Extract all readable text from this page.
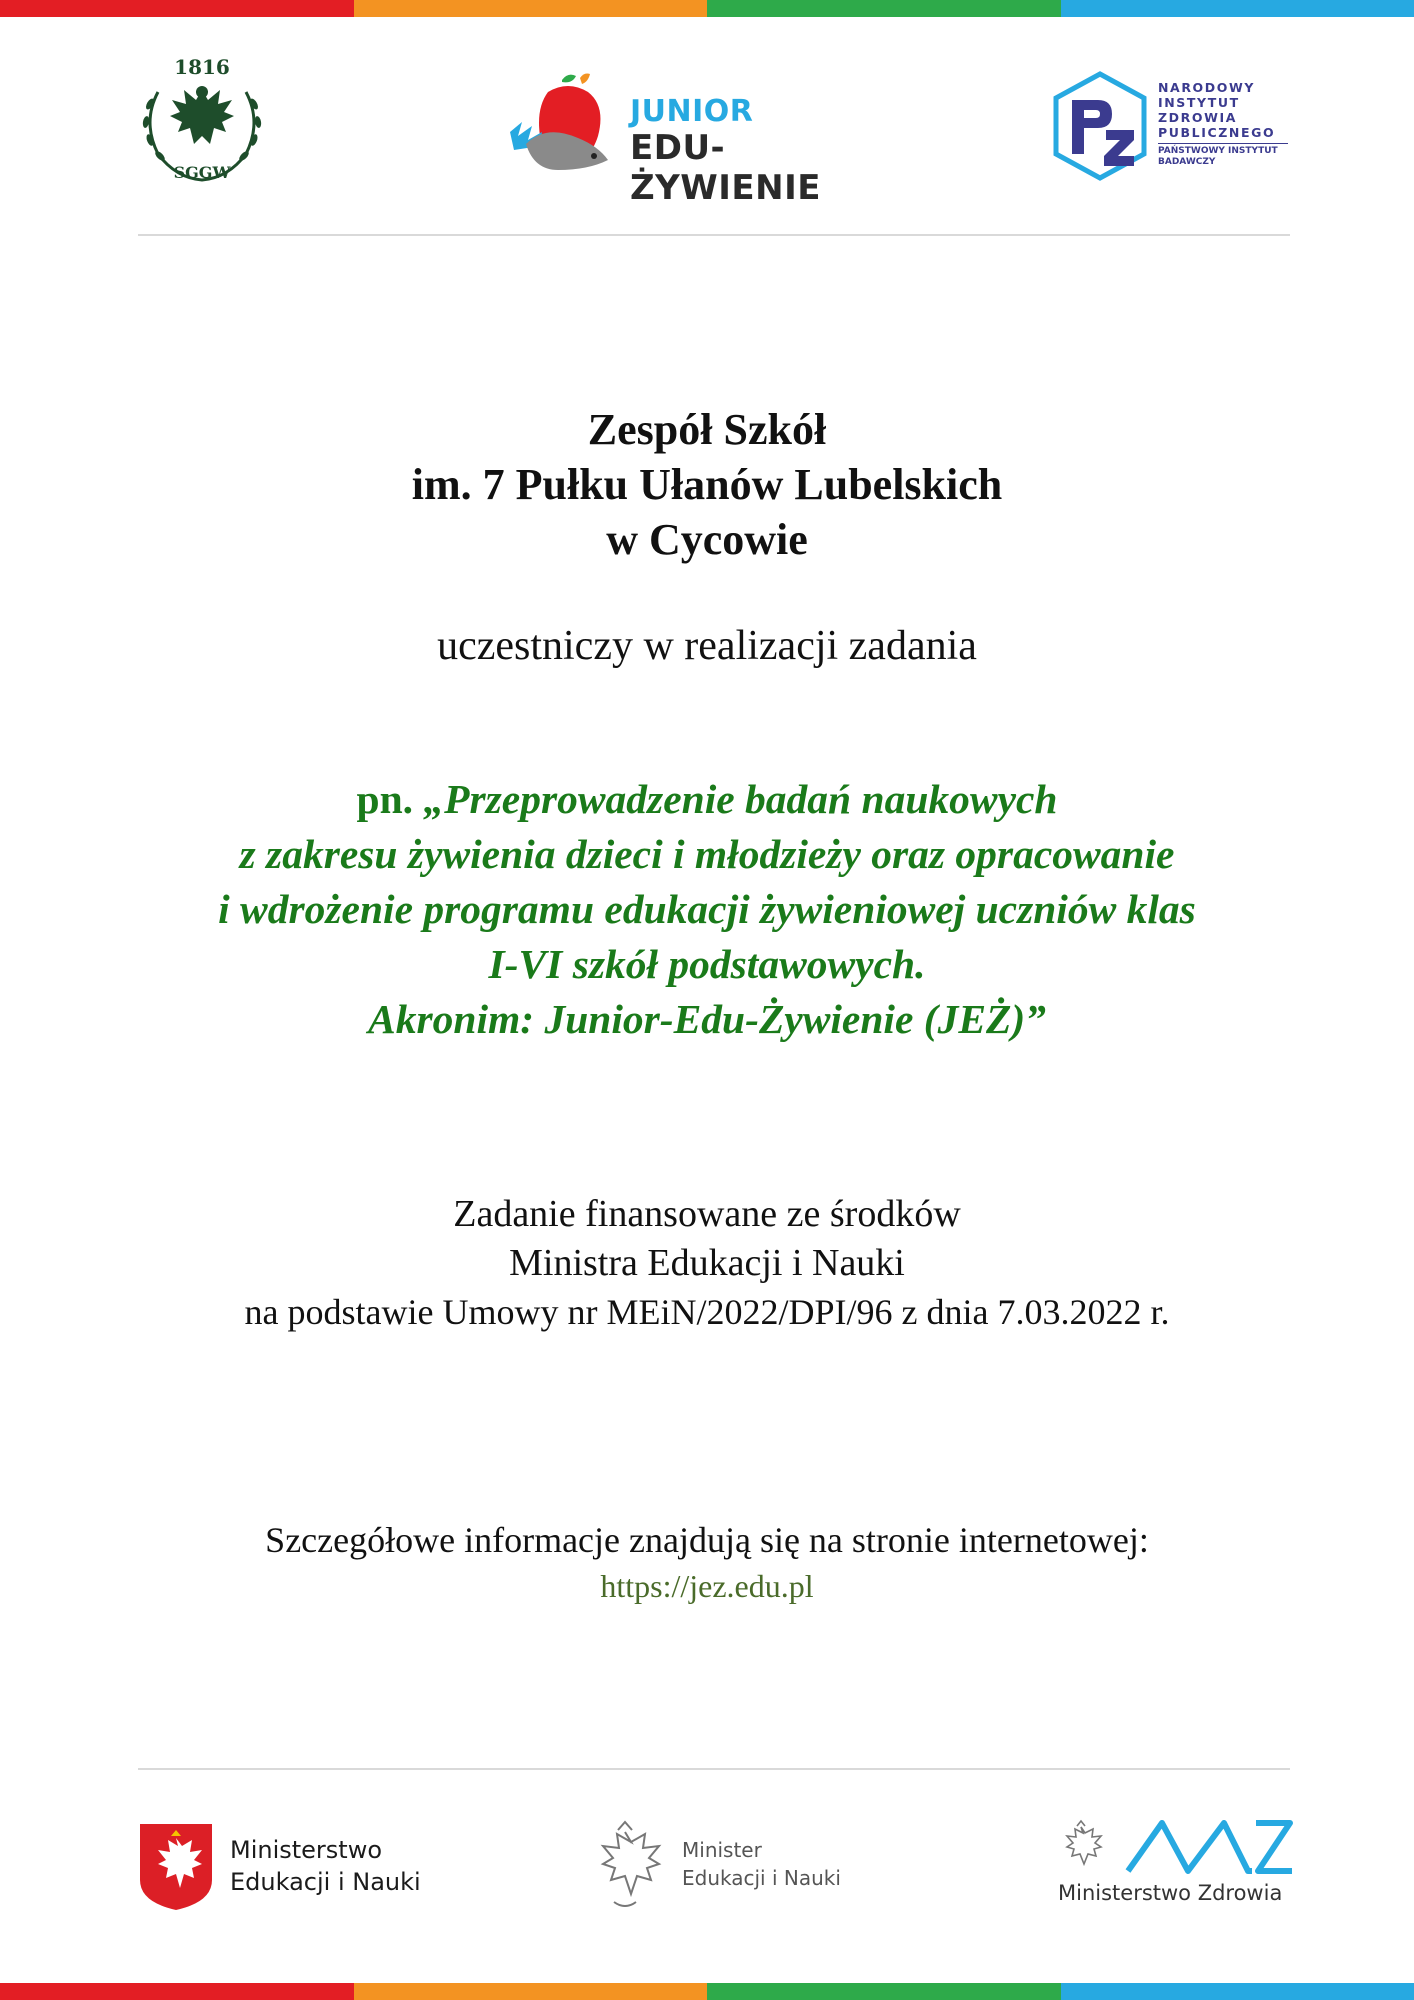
1816
SGGW
JUNIOR
EDU-ŻYWIENIE
NARODOWY
INSTYTUT
ZDROWIA
PUBLICZNEGO
PAŃSTWOWY INSTYTUT
BADAWCZY
Zespół Szkół
im. 7 Pułku Ułanów Lubelskich
w Cycowie
uczestniczy w realizacji zadania
pn. „Przeprowadzenie badań naukowych
z zakresu żywienia dzieci i młodzieży oraz opracowanie
i wdrożenie programu edukacji żywieniowej uczniów klas
I-VI szkół podstawowych.
Akronim: Junior-Edu-Żywienie (JEŻ)”
Zadanie finansowane ze środków
Ministra Edukacji i Nauki
na podstawie Umowy nr MEiN/2022/DPI/96 z dnia 7.03.2022 r.
Szczegółowe informacje znajdują się na stronie internetowej:
https://jez.edu.pl
Ministerstwo
Edukacji i Nauki
Minister
Edukacji i Nauki
Ministerstwo Zdrowia
